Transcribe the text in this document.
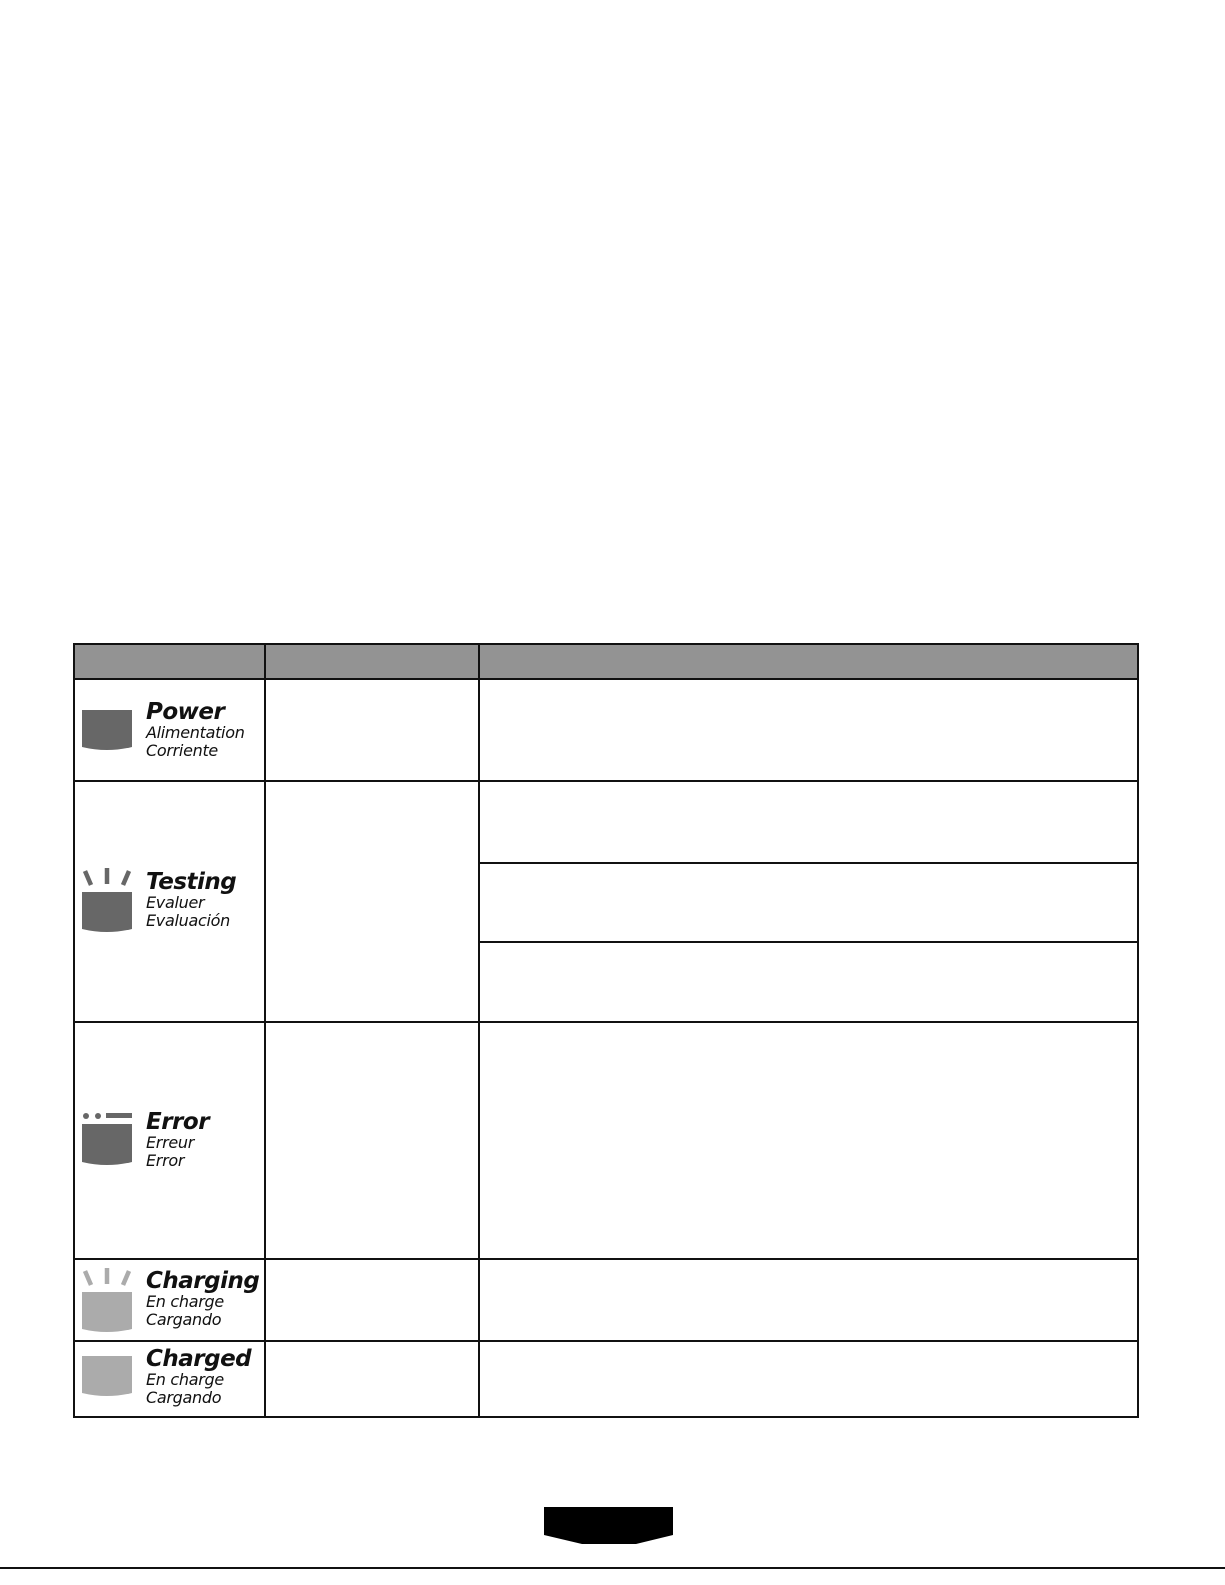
Power
Alimentation
Corriente
Testing
Evaluer
Evaluación
Error
Erreur
Error
Charging
En charge
Cargando
Charged
En charge
Cargando
